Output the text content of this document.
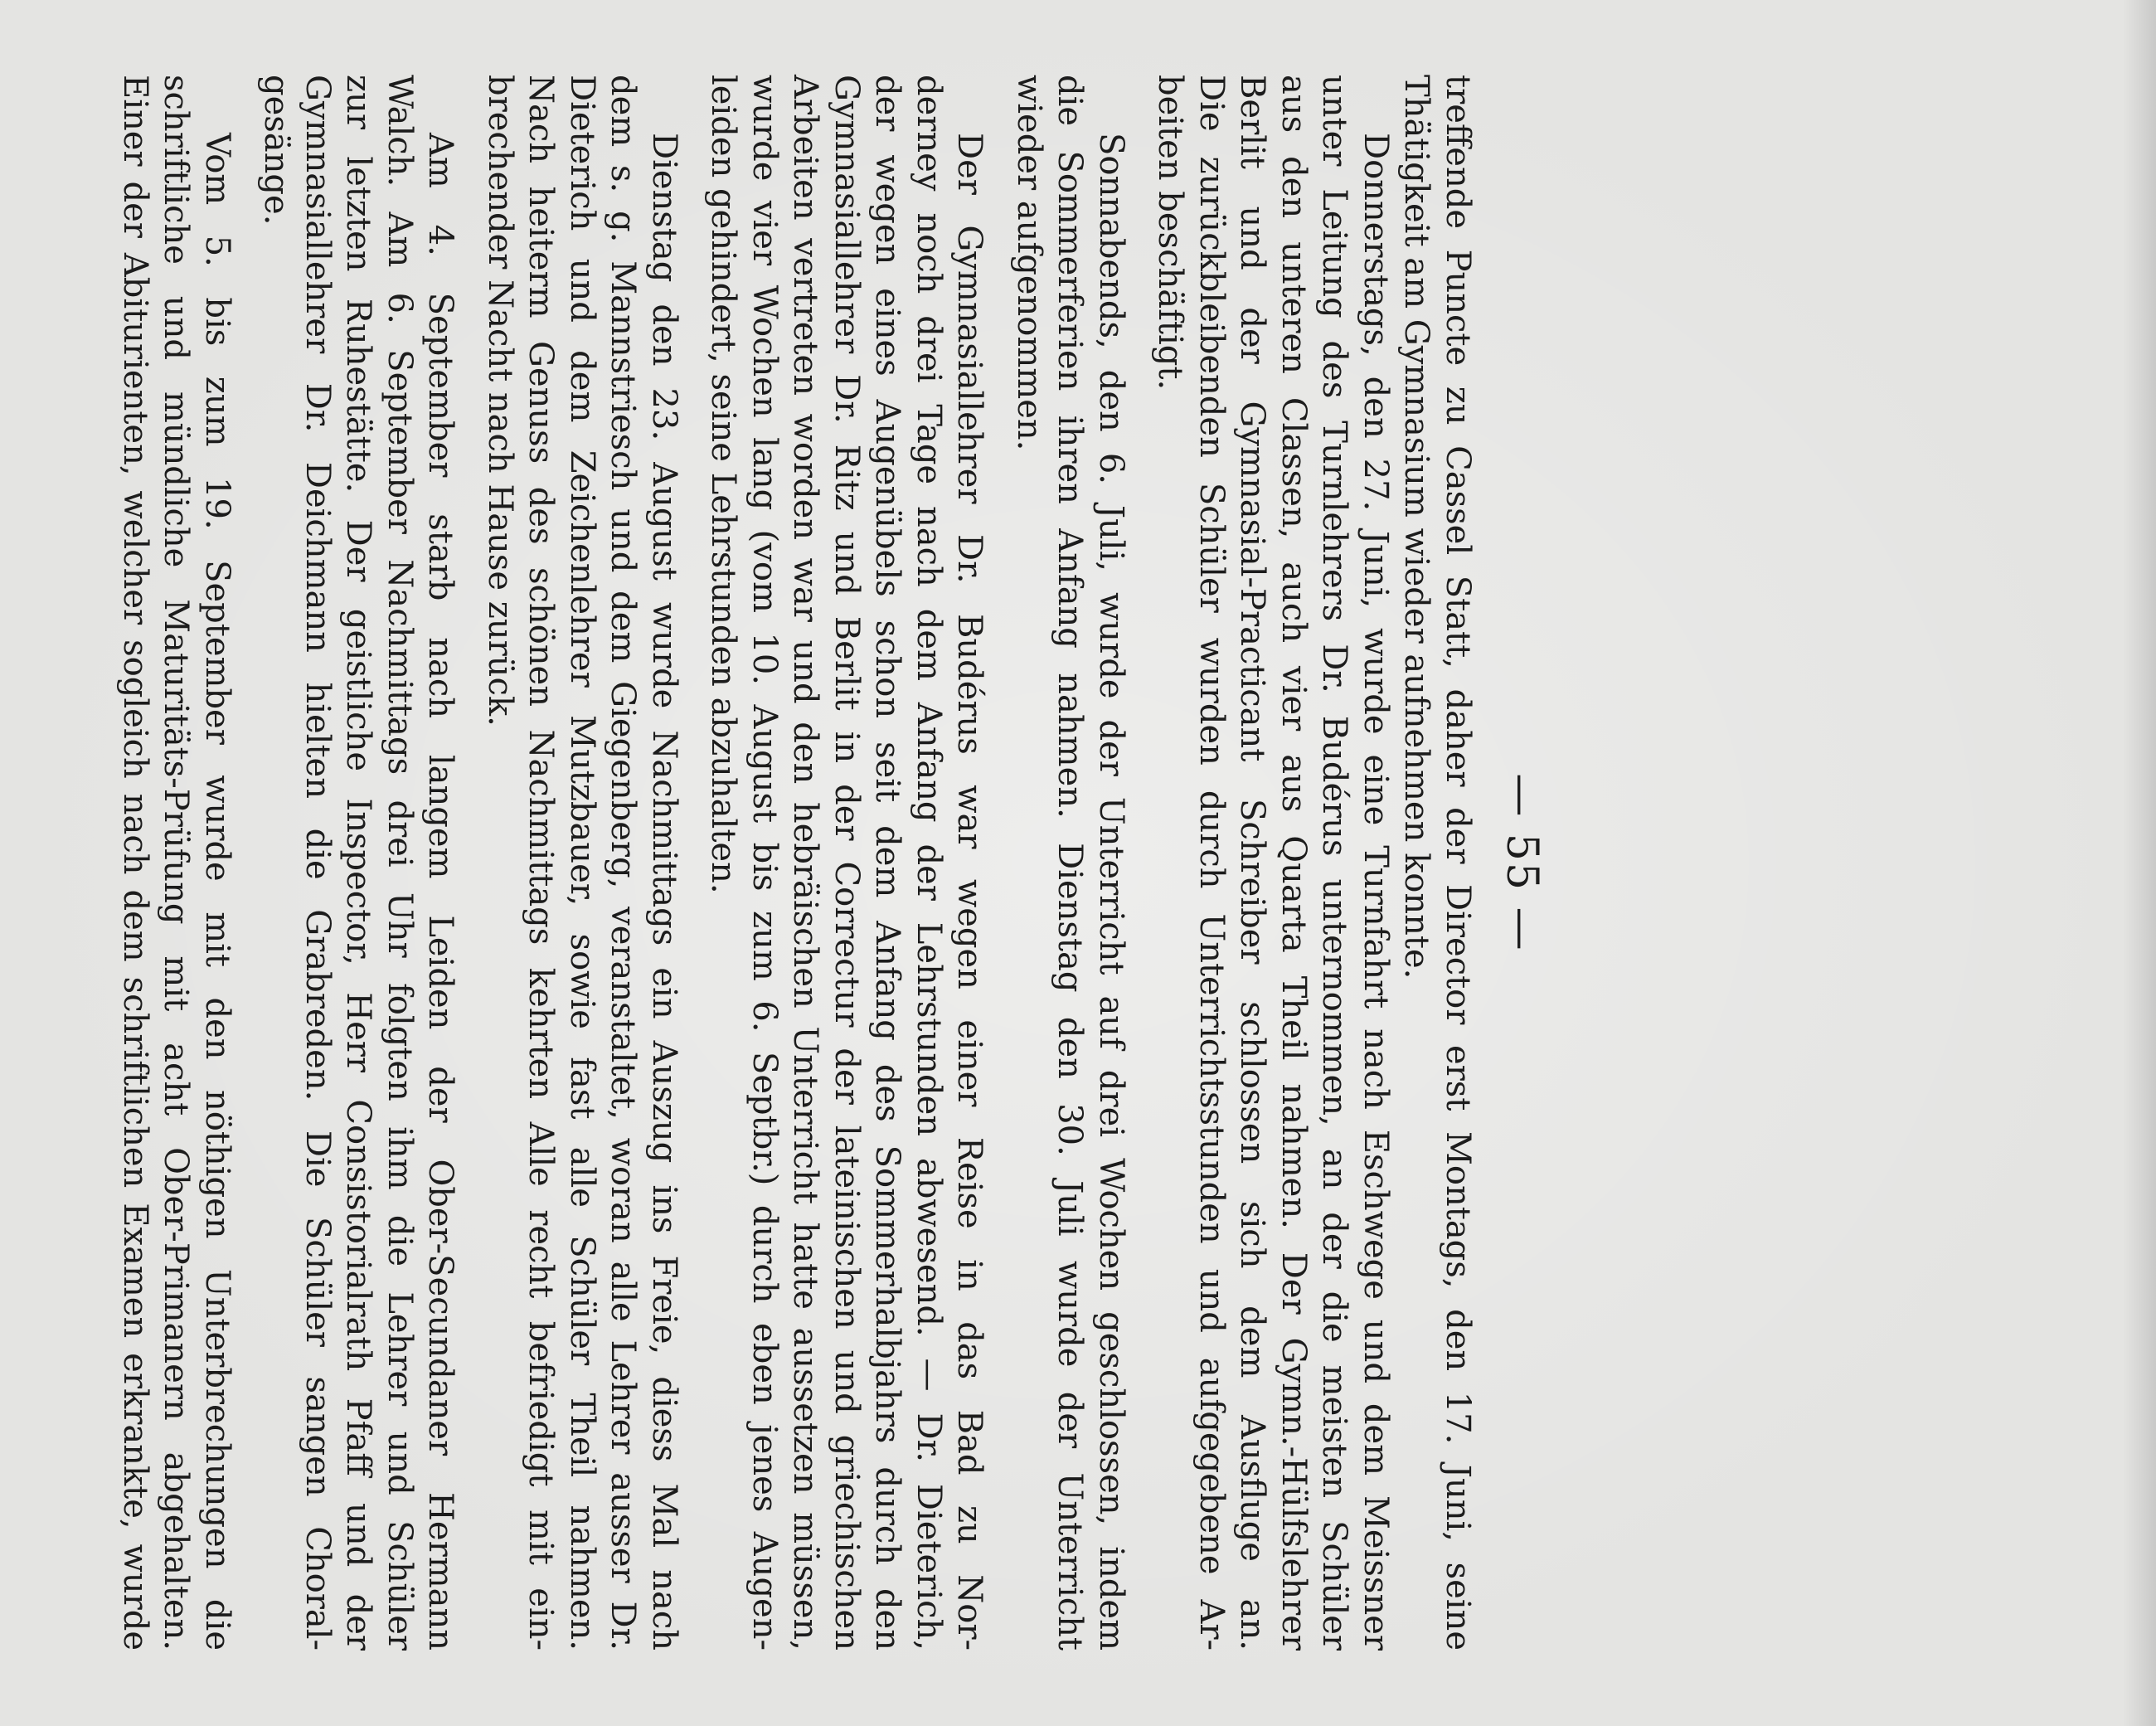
— 55 —
treffende Puncte zu Cassel Statt, daher der Director erst Montags, den 17. Juni, seine
Thätigkeit am Gymnasium wieder aufnehmen konnte.
Donnerstags, den 27. Juni, wurde eine Turnfahrt nach Eschwege und dem Meissner
unter Leitung des Turnlehrers Dr. Budérus unternommen, an der die meisten Schüler
aus den unteren Classen, auch vier aus Quarta Theil nahmen. Der Gymn.-Hülfslehrer
Berlit und der Gymnasial-Practicant Schreiber schlossen sich dem Ausfluge an.
Die zurückbleibenden Schüler wurden durch Unterrichtsstunden und aufgegebene Ar-
beiten beschäftigt.
Sonnabends, den 6. Juli, wurde der Unterricht auf drei Wochen geschlossen, indem
die Sommerferien ihren Anfang nahmen. Dienstag den 30. Juli wurde der Unterricht
wieder aufgenommen.
Der Gymnasiallehrer Dr. Budérus war wegen einer Reise in das Bad zu Nor-
derney noch drei Tage nach dem Anfang der Lehrstunden abwesend. — Dr. Dieterich,
der wegen eines Augenübels schon seit dem Anfang des Sommerhalbjahrs durch den
Gymnasiallehrer Dr. Ritz und Berlit in der Correctur der lateinischen und griechischen
Arbeiten vertreten worden war und den hebräischen Unterricht hatte aussetzen müssen,
wurde vier Wochen lang (vom 10. August bis zum 6. Septbr.) durch eben jenes Augen-
leiden gehindert, seine Lehrstunden abzuhalten.
Dienstag den 23. August wurde Nachmittags ein Auszug ins Freie, diess Mal nach
dem s. g. Mannstriesch und dem Giegenberg, veranstaltet, woran alle Lehrer ausser Dr.
Dieterich und dem Zeichenlehrer Mutzbauer, sowie fast alle Schüler Theil nahmen.
Nach heiterm Genuss des schönen Nachmittags kehrten Alle recht befriedigt mit ein-
brechender Nacht nach Hause zurück.
Am 4. September starb nach langem Leiden der Ober-Secundaner Hermann
Walch. Am 6. September Nachmittags drei Uhr folgten ihm die Lehrer und Schüler
zur letzten Ruhestätte. Der geistliche Inspector, Herr Consistorialrath Pfaff und der
Gymnasiallehrer Dr. Deichmann hielten die Grabreden. Die Schüler sangen Choral-
gesänge.
Vom 5. bis zum 19. September wurde mit den nöthigen Unterbrechungen die
schriftliche und mündliche Maturitäts-Prüfung mit acht Ober-Primanern abgehalten.
Einer der Abiturienten, welcher sogleich nach dem schriftlichen Examen erkrankte, wurde
